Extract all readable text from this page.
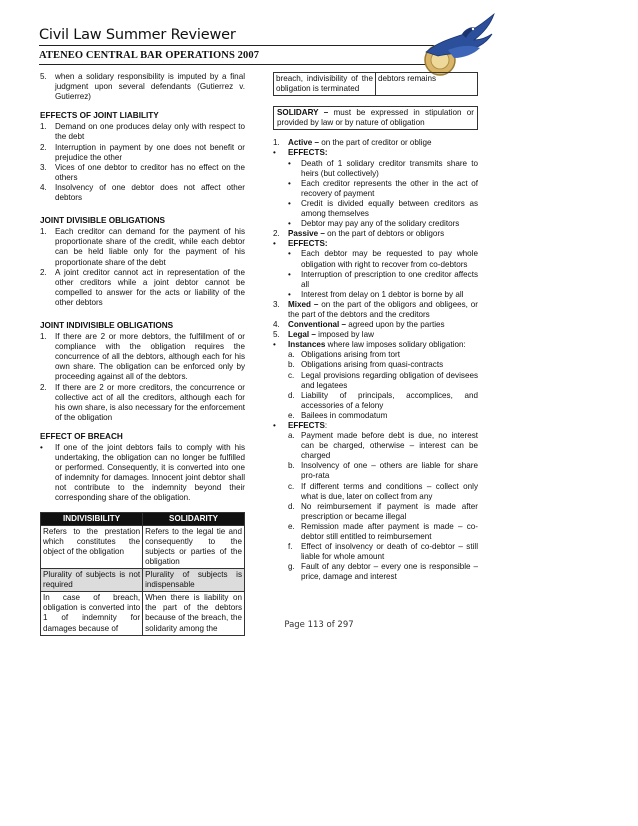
Civil Law Summer Reviewer
ATENEO CENTRAL BAR OPERATIONS 2007
5. when a solidary responsibility is imputed by a final judgment upon several defendants (Gutierrez v. Gutierrez)
EFFECTS OF JOINT LIABILITY
1. Demand on one produces delay only with respect to the debt
2. Interruption in payment by one does not benefit or prejudice the other
3. Vices of one debtor to creditor has no effect on the others
4. Insolvency of one debtor does not affect other debtors
JOINT DIVISIBLE OBLIGATIONS
1. Each creditor can demand for the payment of his proportionate share of the credit, while each debtor can be held liable only for the payment of his proportionate share of the debt
2. A joint creditor cannot act in representation of the other creditors while a joint debtor cannot be compelled to answer for the acts or liability of the other debtors
JOINT INDIVISIBLE OBLIGATIONS
1. If there are 2 or more debtors, the fulfillment of or compliance with the obligation requires the concurrence of all the debtors, although each for his own share. The obligation can be enforced only by proceeding against all of the debtors.
2. If there are 2 or more creditors, the concurrence or collective act of all the creditors, although each for his own share, is also necessary for the enforcement of the obligation
EFFECT OF BREACH
• If one of the joint debtors fails to comply with his undertaking, the obligation can no longer be fulfilled or performed. Consequently, it is converted into one of indemnity for damages. Innocent joint debtor shall not contribute to the indemnity beyond their corresponding share of the obligation.
INDIVISIBILITY	SOLIDARITY
Refers to the prestation which constitutes the object of the obligation	Refers to the legal tie and consequently to the subjects or parties of the obligation
Plurality of subjects is not required	Plurality of subjects is indispensable
In case of breach, obligation is converted into 1 of indemnity for damages because of	When there is liability on the part of the debtors because of the breach, the solidarity among the
breach, indivisibility of the obligation is terminated	debtors remains
SOLIDARY – must be expressed in stipulation or provided by law or by nature of obligation
1. Active – on the part of creditor or oblige
• EFFECTS:
• Death of 1 solidary creditor transmits share to heirs (but collectively)
• Each creditor represents the other in the act of recovery of payment
• Credit is divided equally between creditors as among themselves
• Debtor may pay any of the solidary creditors
2. Passive – on the part of debtors or obligors
• EFFECTS:
• Each debtor may be requested to pay whole obligation with right to recover from co-debtors
• Interruption of prescription to one creditor affects all
• Interest from delay on 1 debtor is borne by all
3. Mixed – on the part of the obligors and obligees, or the part of the debtors and the creditors
4. Conventional – agreed upon by the parties
5. Legal – imposed by law
• Instances where law imposes solidary obligation:
a. Obligations arising from tort
b. Obligations arising from quasi-contracts
c. Legal provisions regarding obligation of devisees and legatees
d. Liability of principals, accomplices, and accessories of a felony
e. Bailees in commodatum
• EFFECTS:
a. Payment made before debt is due, no interest can be charged, otherwise – interest can be charged
b. Insolvency of one – others are liable for share pro-rata
c. If different terms and conditions – collect only what is due, later on collect from any
d. No reimbursement if payment is made after prescription or became illegal
e. Remission made after payment is made – co-debtor still entitled to reimbursement
f. Effect of insolvency or death of co-debtor – still liable for whole amount
g. Fault of any debtor – every one is responsible – price, damage and interest
Page 113 of 297
